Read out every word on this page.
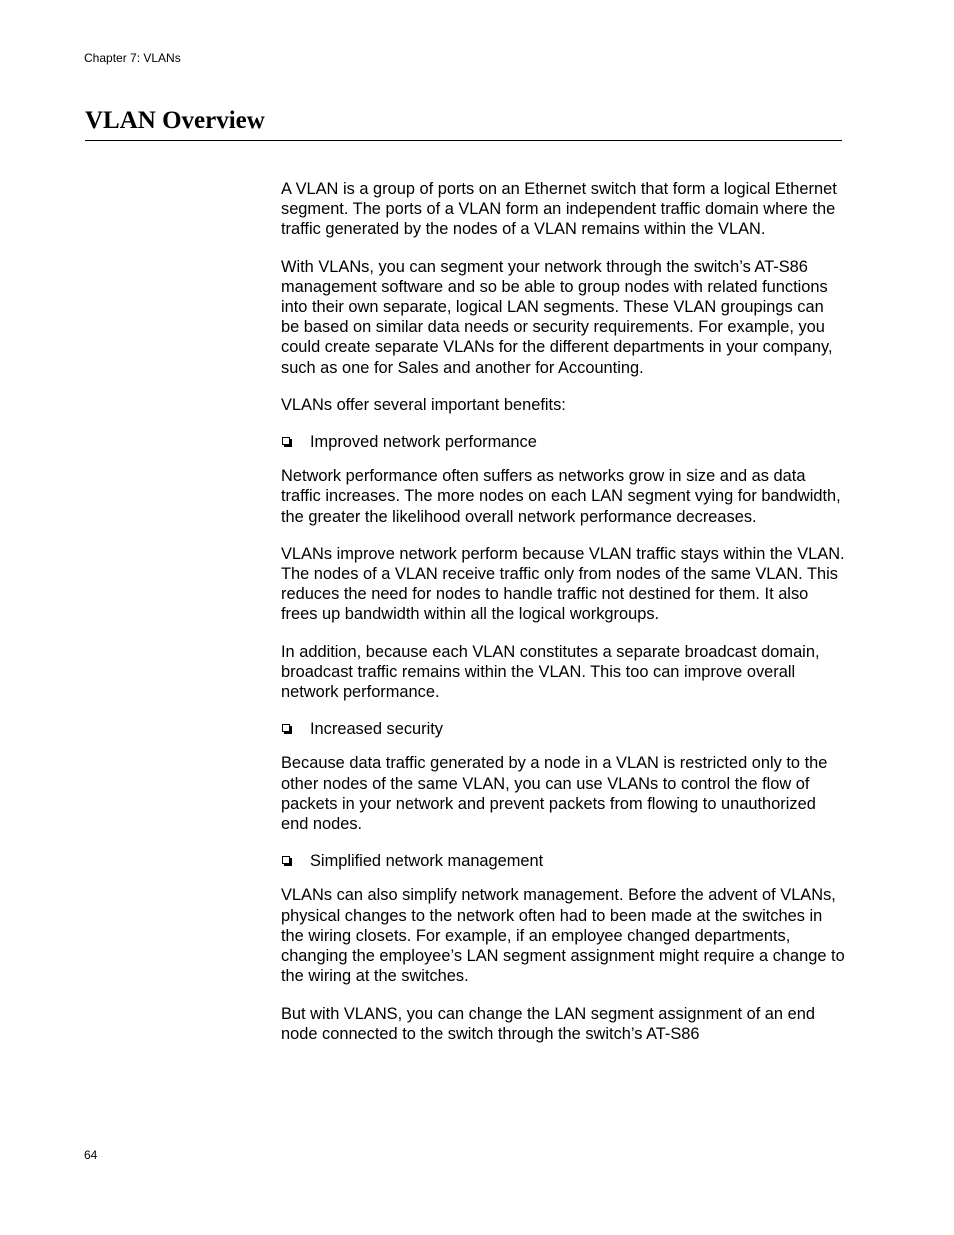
Chapter 7: VLANs
VLAN Overview

A VLAN is a group of ports on an Ethernet switch that form a logical Ethernet segment. The ports of a VLAN form an independent traffic domain where the traffic generated by the nodes of a VLAN remains within the VLAN.

With VLANs, you can segment your network through the switch’s AT-S86 management software and so be able to group nodes with related functions into their own separate, logical LAN segments. These VLAN groupings can be based on similar data needs or security requirements. For example, you could create separate VLANs for the different departments in your company, such as one for Sales and another for Accounting.

VLANs offer several important benefits:

Improved network performance

Network performance often suffers as networks grow in size and as data traffic increases. The more nodes on each LAN segment vying for bandwidth, the greater the likelihood overall network performance decreases.

VLANs improve network perform because VLAN traffic stays within the VLAN. The nodes of a VLAN receive traffic only from nodes of the same VLAN. This reduces the need for nodes to handle traffic not destined for them. It also frees up bandwidth within all the logical workgroups.

In addition, because each VLAN constitutes a separate broadcast domain, broadcast traffic remains within the VLAN. This too can improve overall network performance.

Increased security

Because data traffic generated by a node in a VLAN is restricted only to the other nodes of the same VLAN, you can use VLANs to control the flow of packets in your network and prevent packets from flowing to unauthorized end nodes.

Simplified network management

VLANs can also simplify network management. Before the advent of VLANs, physical changes to the network often had to been made at the switches in the wiring closets. For example, if an employee changed departments, changing the employee’s LAN segment assignment might require a change to the wiring at the switches.

But with VLANS, you can change the LAN segment assignment of an end node connected to the switch through the switch’s AT-S86

64
